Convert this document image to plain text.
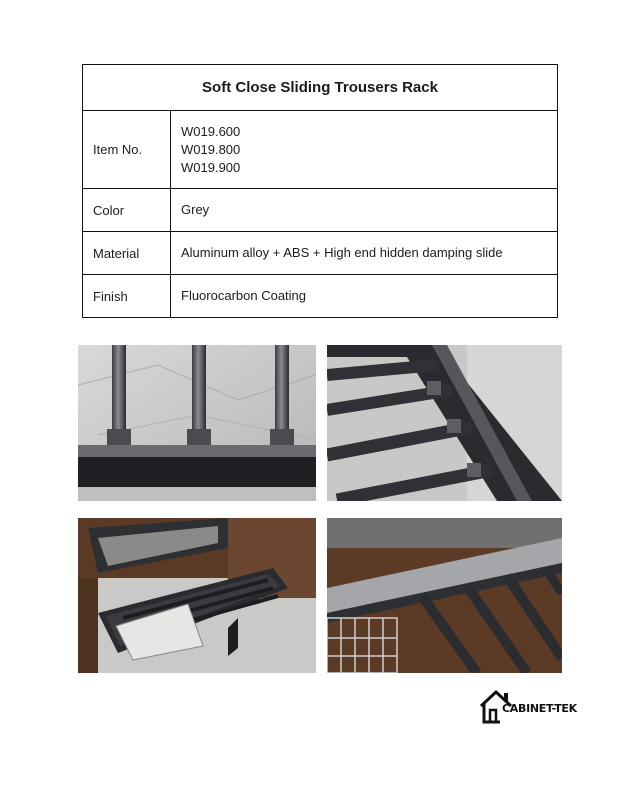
Soft Close Sliding Trousers Rack	
Item No.	W019.600
W019.800
W019.900

Color	Grey
Material	Aluminum alloy + ABS + High end hidden damping slide
Finish	Fluorocarbon Coating
CABINET-TEK
